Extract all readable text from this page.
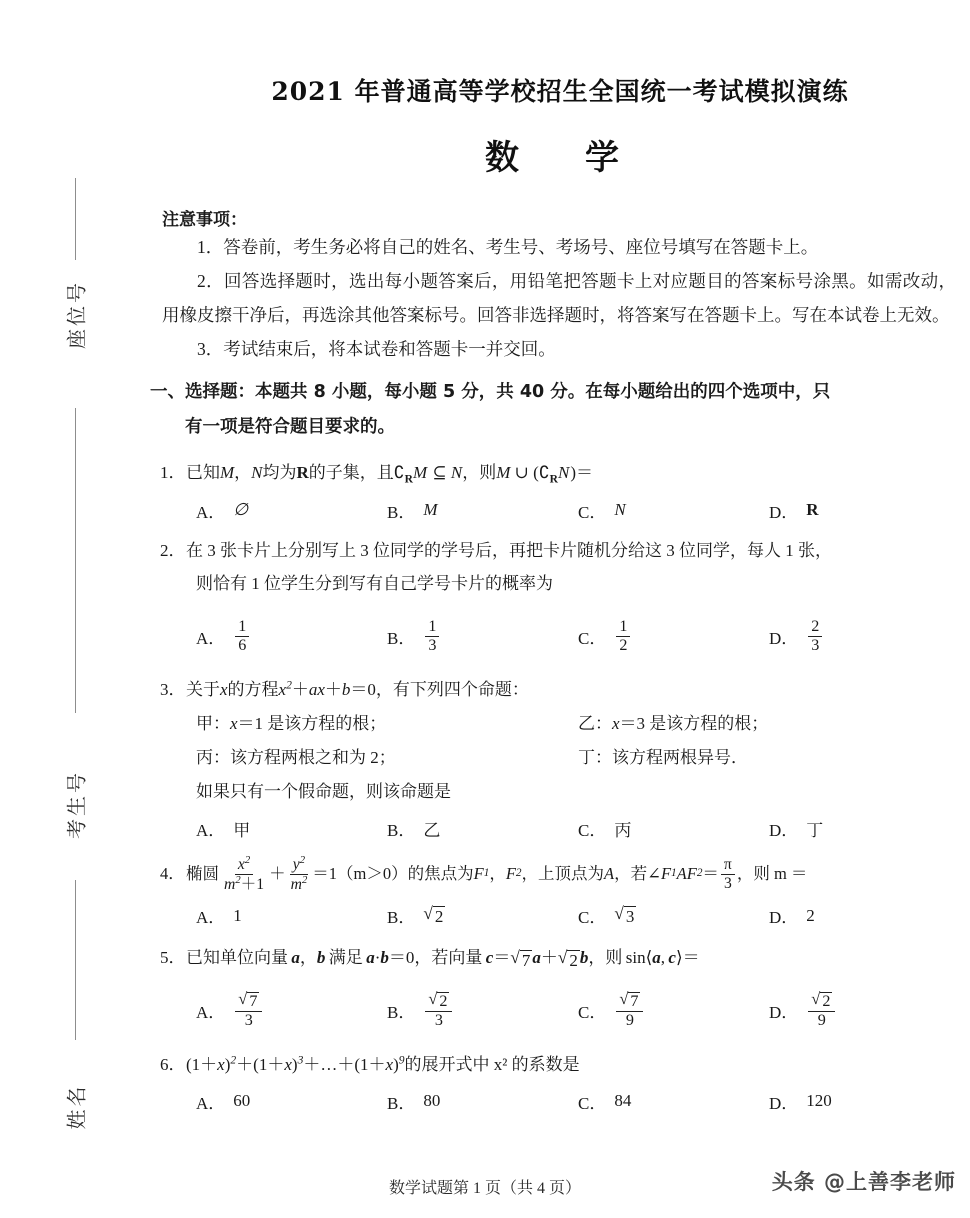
座位号
考生号
姓名
2021 年普通高等学校招生全国统一考试模拟演练
数　学
注意事项：
1．答卷前，考生务必将自己的姓名、考生号、考场号、座位号填写在答题卡上。
2．回答选择题时，选出每小题答案后，用铅笔把答题卡上对应题目的答案标号涂黑。如需改动，用橡皮擦干净后，再选涂其他答案标号。回答非选择题时，将答案写在答题卡上。写在本试卷上无效。
3．考试结束后，将本试卷和答题卡一并交回。
一、选择题：本题共 8 小题，每小题 5 分，共 40 分。在每小题给出的四个选项中，只
有一项是符合题目要求的。
1．已知M，N均为R的子集，且$∁_RM$ ⊆ N，则M ∪ $(∁_RN)=$
A． ∅	B． M	C． N	D． R
2．在 3 张卡片上分别写上 3 位同学的学号后，再把卡片随机分给这 3 位同学，每人 1 张，
则恰有 1 位学生分到写有自己学号卡片的概率为
A． $\frac{1}{6}$	B． $\frac{1}{3}$	C． $\frac{1}{2}$	D． $\frac{2}{3}$
3．关于x的方程$x^2+ax+b=0$，有下列四个命题：
甲：x＝1 是该方程的根；	乙：x＝3 是该方程的根；
丙：该方程两根之和为 2；	丁：该方程两根异号．
如果只有一个假命题，则该命题是
A． 甲	B． 乙	C． 丙	D． 丁
4． 椭圆 $\frac{x^2}{m^2+1} + \frac{y^2}{m^2} =1(m>0)$的焦点为 F 1 ， F 2 ，上顶点为 A ，若∠ F 1 AF $2 = \frac{\pi}{3}$ ，则 m ＝
A． 1	B． √ 2	C． √ 3	D． 2
5．已知单位向量 a，b 满足 a·b＝0，若向量 c＝ √ 7 a＋ √ 2 b，则 sin⟨a, c⟩＝
A． $\frac{√ 7}{3}$	B． $\frac{√ 2}{3}$	C． $\frac{√ 7}{9}$	D． $\frac{√ 2}{9}$
6．$(1+x)^2+(1+x)^3+\dots+(1+x)^9$的展开式中 x² 的系数是
A． 60	B． 80	C． 84	D． 120
数学试题第 1 页（共 4 页）	头条 @上善李老师
